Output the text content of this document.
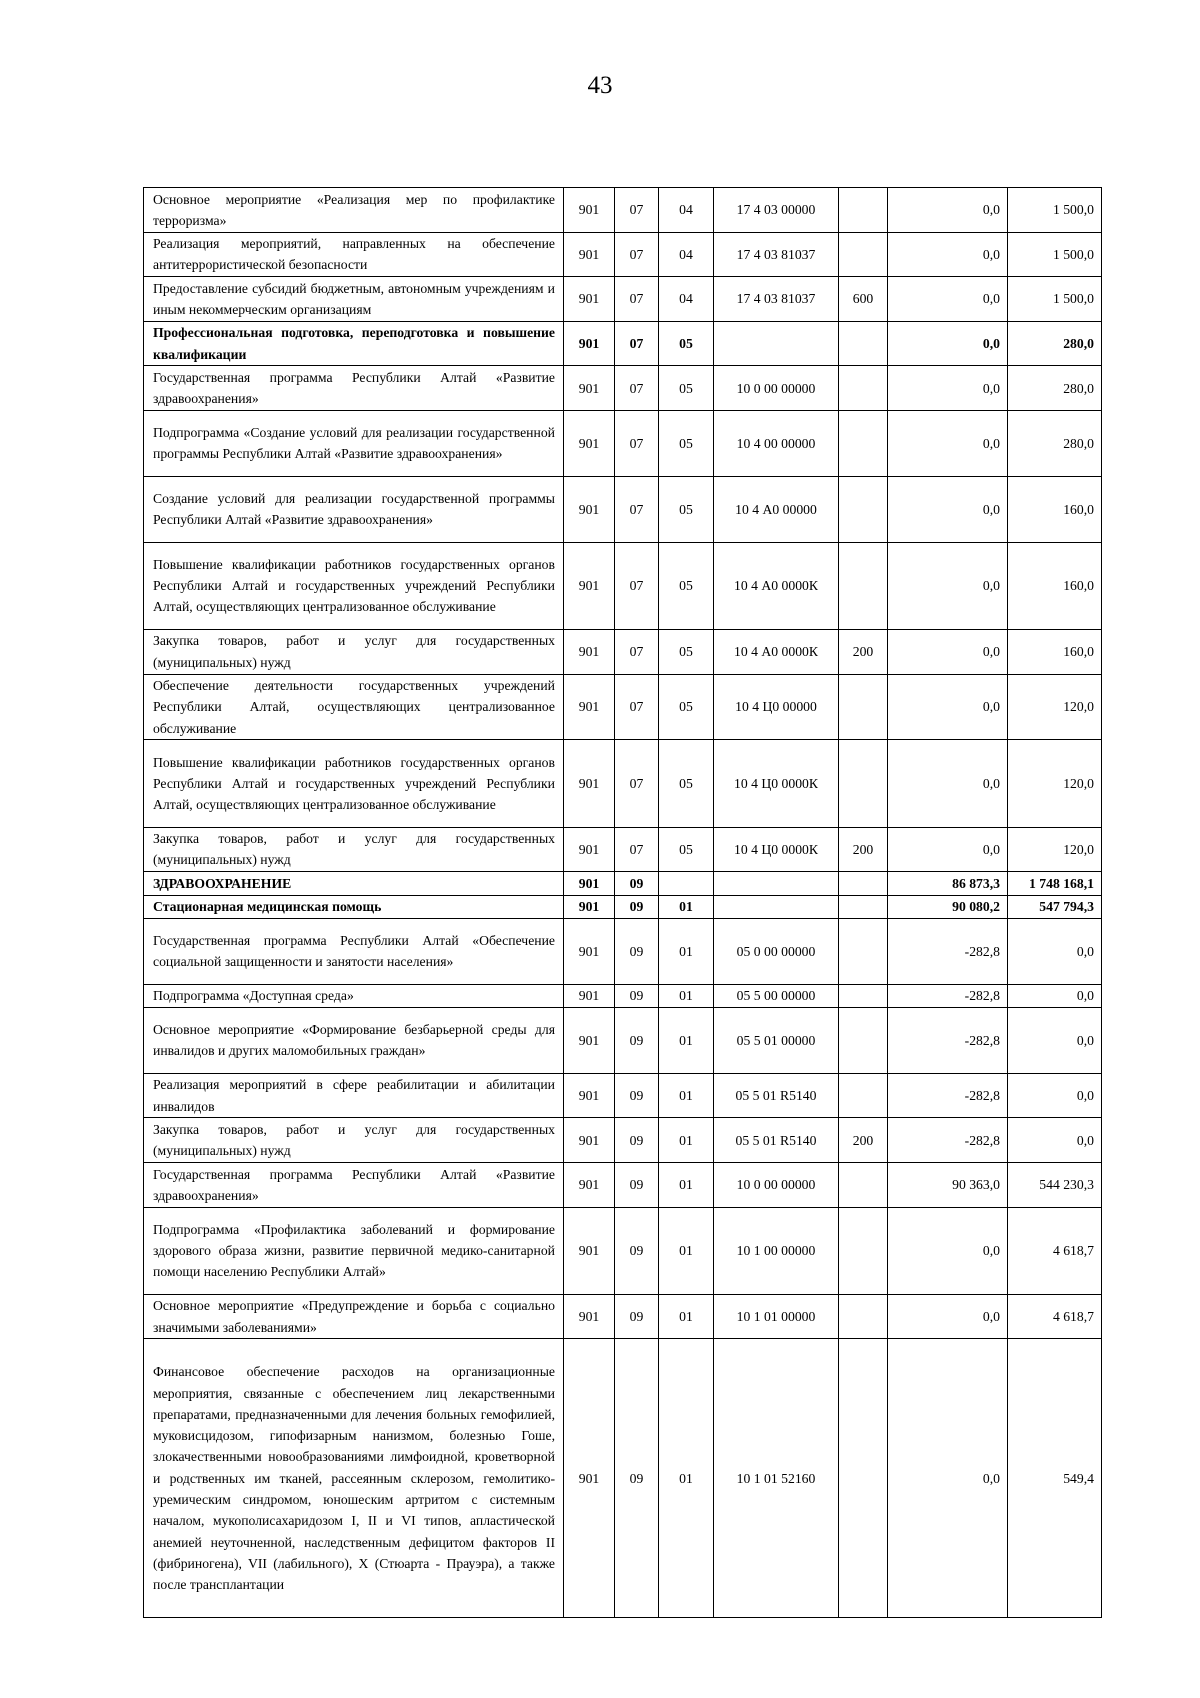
43
Основное мероприятие «Реализация мер по профилактике терроризма»	901	07	04	17 4 03 00000		0,0	1 500,0
Реализация мероприятий, направленных на обеспечение антитеррористической безопасности	901	07	04	17 4 03 81037		0,0	1 500,0
Предоставление субсидий бюджетным, автономным учреждениям и иным некоммерческим организациям	901	07	04	17 4 03 81037	600	0,0	1 500,0
Профессиональная подготовка, переподготовка и повышение квалификации	901	07	05			0,0	280,0
Государственная программа Республики Алтай «Развитие здравоохранения»	901	07	05	10 0 00 00000		0,0	280,0
Подпрограмма «Создание условий для реализации государственной программы Республики Алтай «Развитие здравоохранения»	901	07	05	10 4 00 00000		0,0	280,0
Создание условий для реализации государственной программы Республики Алтай «Развитие здравоохранения»	901	07	05	10 4 А0 00000		0,0	160,0
Повышение квалификации работников государственных органов Республики Алтай и государственных учреждений Республики Алтай, осуществляющих централизованное обслуживание	901	07	05	10 4 А0 0000К		0,0	160,0
Закупка товаров, работ и услуг для государственных (муниципальных) нужд	901	07	05	10 4 А0 0000К	200	0,0	160,0
Обеспечение деятельности государственных учреждений Республики Алтай, осуществляющих централизованное обслуживание	901	07	05	10 4 Ц0 00000		0,0	120,0
Повышение квалификации работников государственных органов Республики Алтай и государственных учреждений Республики Алтай, осуществляющих централизованное обслуживание	901	07	05	10 4 Ц0 0000К		0,0	120,0
Закупка товаров, работ и услуг для государственных (муниципальных) нужд	901	07	05	10 4 Ц0 0000К	200	0,0	120,0
ЗДРАВООХРАНЕНИЕ	901	09				86 873,3	1 748 168,1
Стационарная медицинская помощь	901	09	01			90 080,2	547 794,3
Государственная программа Республики Алтай «Обеспечение социальной защищенности и занятости населения»	901	09	01	05 0 00 00000		-282,8	0,0
Подпрограмма «Доступная среда»	901	09	01	05 5 00 00000		-282,8	0,0
Основное мероприятие «Формирование безбарьерной среды для инвалидов и других маломобильных граждан»	901	09	01	05 5 01 00000		-282,8	0,0
Реализация мероприятий в сфере реабилитации и абилитации инвалидов	901	09	01	05 5 01 R5140		-282,8	0,0
Закупка товаров, работ и услуг для государственных (муниципальных) нужд	901	09	01	05 5 01 R5140	200	-282,8	0,0
Государственная программа Республики Алтай «Развитие здравоохранения»	901	09	01	10 0 00 00000		90 363,0	544 230,3
Подпрограмма «Профилактика заболеваний и формирование здорового образа жизни, развитие первичной медико-санитарной помощи населению Республики Алтай»	901	09	01	10 1 00 00000		0,0	4 618,7
Основное мероприятие «Предупреждение и борьба с социально значимыми заболеваниями»	901	09	01	10 1 01 00000		0,0	4 618,7
Финансовое обеспечение расходов на организационные мероприятия, связанные с обеспечением лиц лекарственными препаратами, предназначенными для лечения больных гемофилией, муковисцидозом, гипофизарным нанизмом, болезнью Гоше, злокачественными новообразованиями лимфоидной, кроветворной и родственных им тканей, рассеянным склерозом, гемолитико-уремическим синдромом, юношеским артритом с системным началом, мукополисахаридозом I, II и VI типов, апластической анемией неуточненной, наследственным дефицитом факторов II (фибриногена), VII (лабильного), X (Стюарта - Прауэра), а также после трансплантации	901	09	01	10 1 01 52160		0,0	549,4
